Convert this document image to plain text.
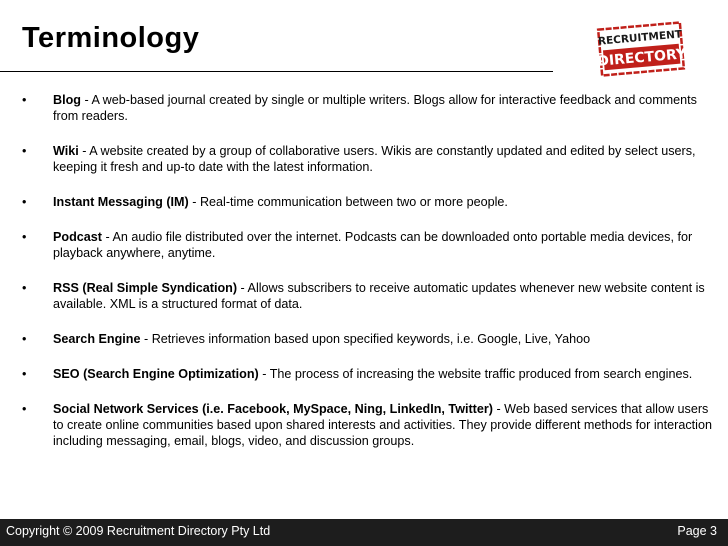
Terminology	RECRUITMENT
DIRECTORY
• Blog - A web-based journal created by single or multiple writers. Blogs allow for interactive feedback and comments from readers.
• Wiki - A website created by a group of collaborative users. Wikis are constantly updated and edited by select users, keeping it fresh and up-to date with the latest information.
• Instant Messaging (IM) - Real-time communication between two or more people.
• Podcast - An audio file distributed over the internet. Podcasts can be downloaded onto portable media devices, for playback anywhere, anytime.
• RSS (Real Simple Syndication) - Allows subscribers to receive automatic updates whenever new website content is available. XML is a structured format of data.
• Search Engine - Retrieves information based upon specified keywords, i.e. Google, Live, Yahoo
• SEO (Search Engine Optimization) - The process of increasing the website traffic produced from search engines.
• Social Network Services (i.e. Facebook, MySpace, Ning, LinkedIn, Twitter) - Web based services that allow users to create online communities based upon shared interests and activities. They provide different methods for interaction including messaging, email, blogs, video, and discussion groups.
Copyright © 2009 Recruitment Directory Pty Ltd	Page 3
